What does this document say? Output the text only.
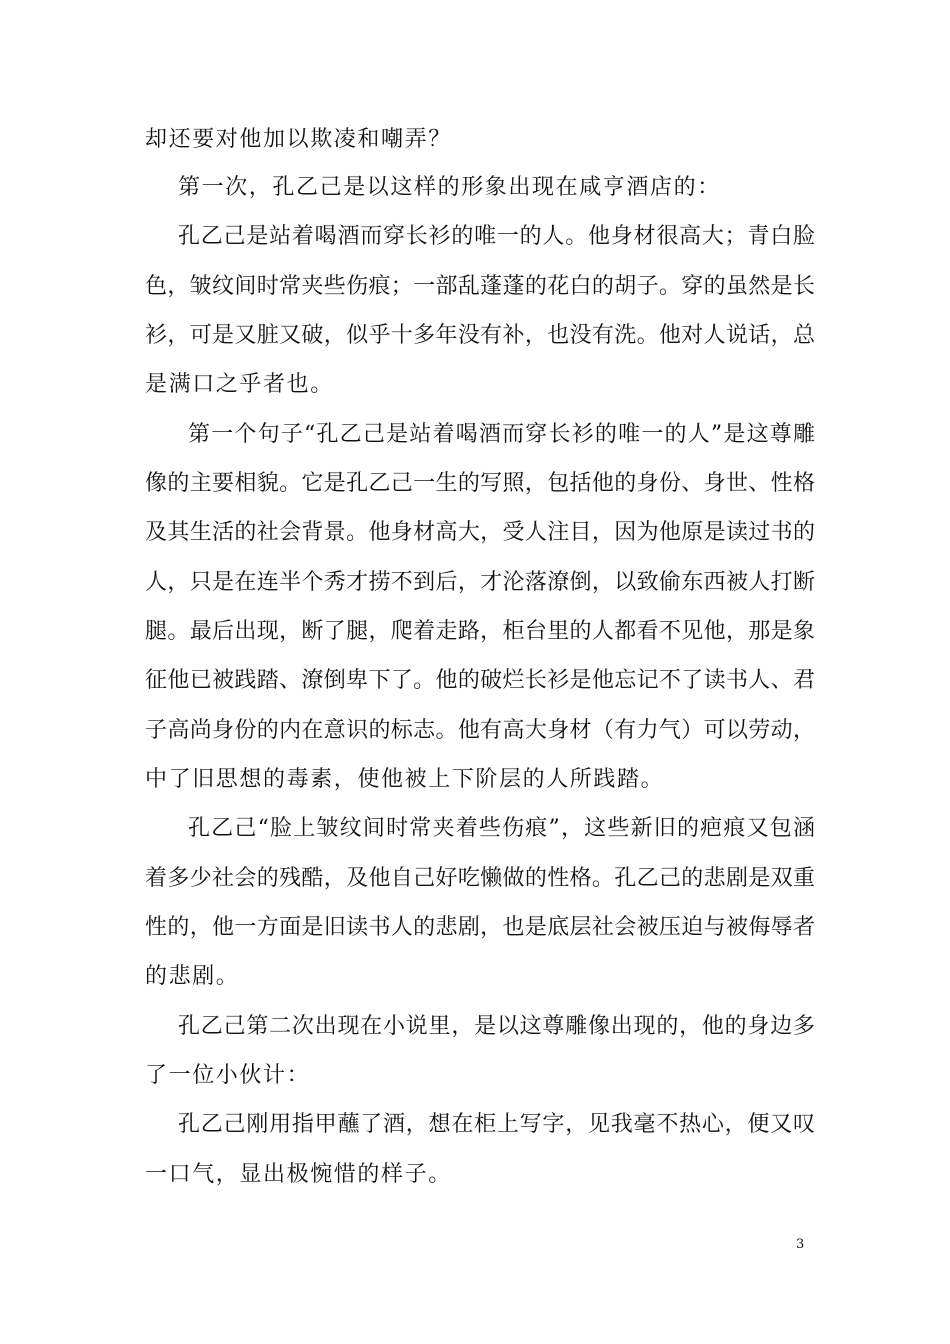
却还要对他加以欺凌和嘲弄？
第一次，孔乙己是以这样的形象出现在咸亨酒店的：
孔乙己是站着喝酒而穿长衫的唯一的人。他身材很高大；青白脸
色，皱纹间时常夹些伤痕；一部乱蓬蓬的花白的胡子。穿的虽然是长
衫，可是又脏又破，似乎十多年没有补，也没有洗。他对人说话，总
是满口之乎者也。
第一个句子“孔乙己是站着喝酒而穿长衫的唯一的人”是这尊雕
像的主要相貌。它是孔乙己一生的写照，包括他的身份、身世、性格
及其生活的社会背景。他身材高大，受人注目，因为他原是读过书的
人，只是在连半个秀才捞不到后，才沦落潦倒，以致偷东西被人打断
腿。最后出现，断了腿，爬着走路，柜台里的人都看不见他，那是象
征他已被践踏、潦倒卑下了。他的破烂长衫是他忘记不了读书人、君
子高尚身份的内在意识的标志。他有高大身材（有力气）可以劳动，
中了旧思想的毒素，使他被上下阶层的人所践踏。
孔乙己“脸上皱纹间时常夹着些伤痕”，这些新旧的疤痕又包涵
着多少社会的残酷，及他自己好吃懒做的性格。孔乙己的悲剧是双重
性的，他一方面是旧读书人的悲剧，也是底层社会被压迫与被侮辱者
的悲剧。
孔乙己第二次出现在小说里，是以这尊雕像出现的，他的身边多
了一位小伙计：
孔乙己刚用指甲蘸了酒，想在柜上写字，见我毫不热心，便又叹
一口气，显出极惋惜的样子。
3
